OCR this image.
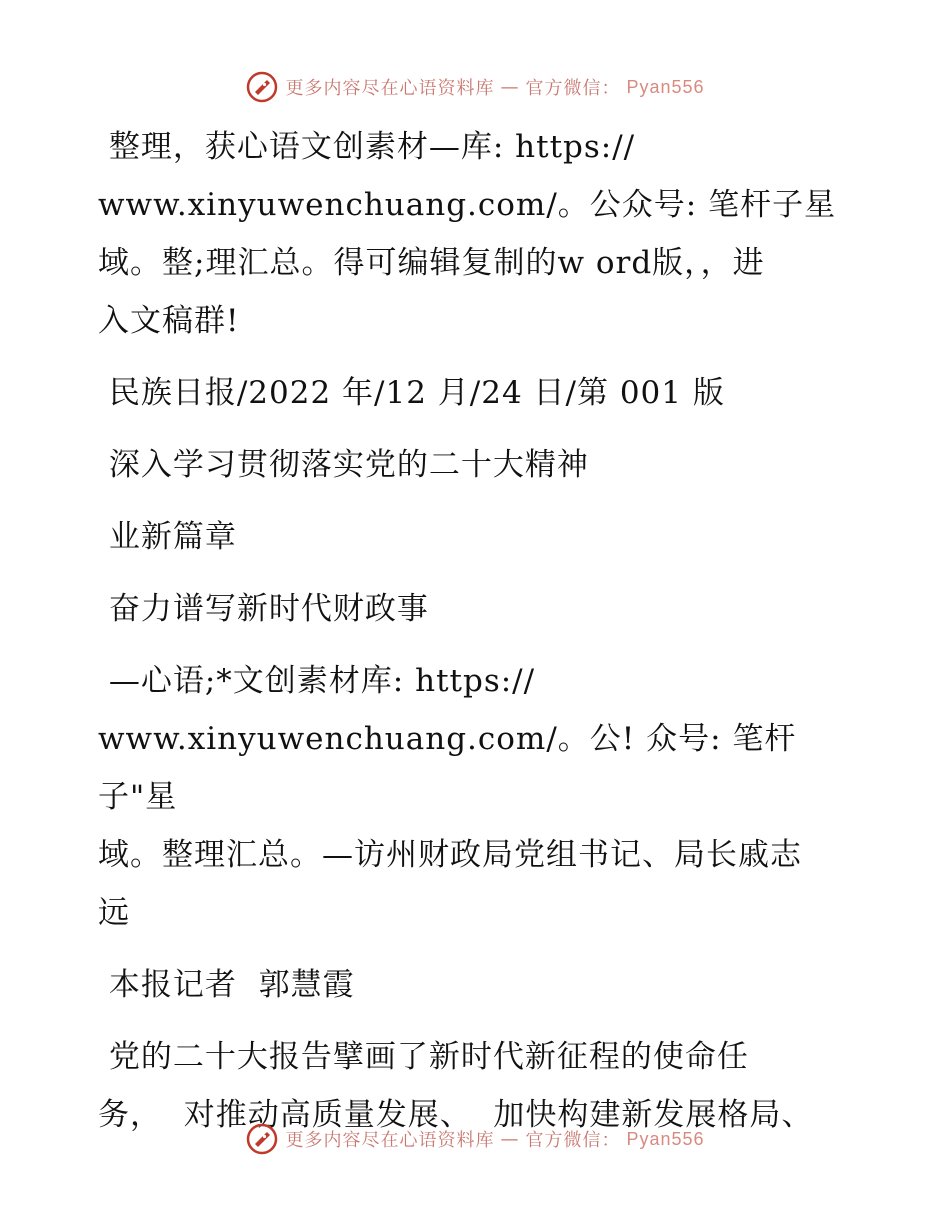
更多内容尽在心语资料库 — 官方微信： Pyan556

整理，获心语文创素材—库: https://
www.xinyuwenchuang.com/。公众号: 笔杆子星
域。整;理汇总。得可编辑复制的w ord版，，进
入文稿群!

民族日报/2022 年/12 月/24 日/第 001 版

深入学习贯彻落实党的二十大精神

业新篇章

奋力谱写新时代财政事

—心语;*文创素材库: https://
www.xinyuwenchuang.com/。公! 众号: 笔杆子"星
域。整理汇总。—访州财政局党组书记、局长戚志
远

本报记者  郭慧霞

党的二十大报告擘画了新时代新征程的使命任
务，  对推动高质量发展、  加快构建新发展格局、

更多内容尽在心语资料库 — 官方微信： Pyan556
